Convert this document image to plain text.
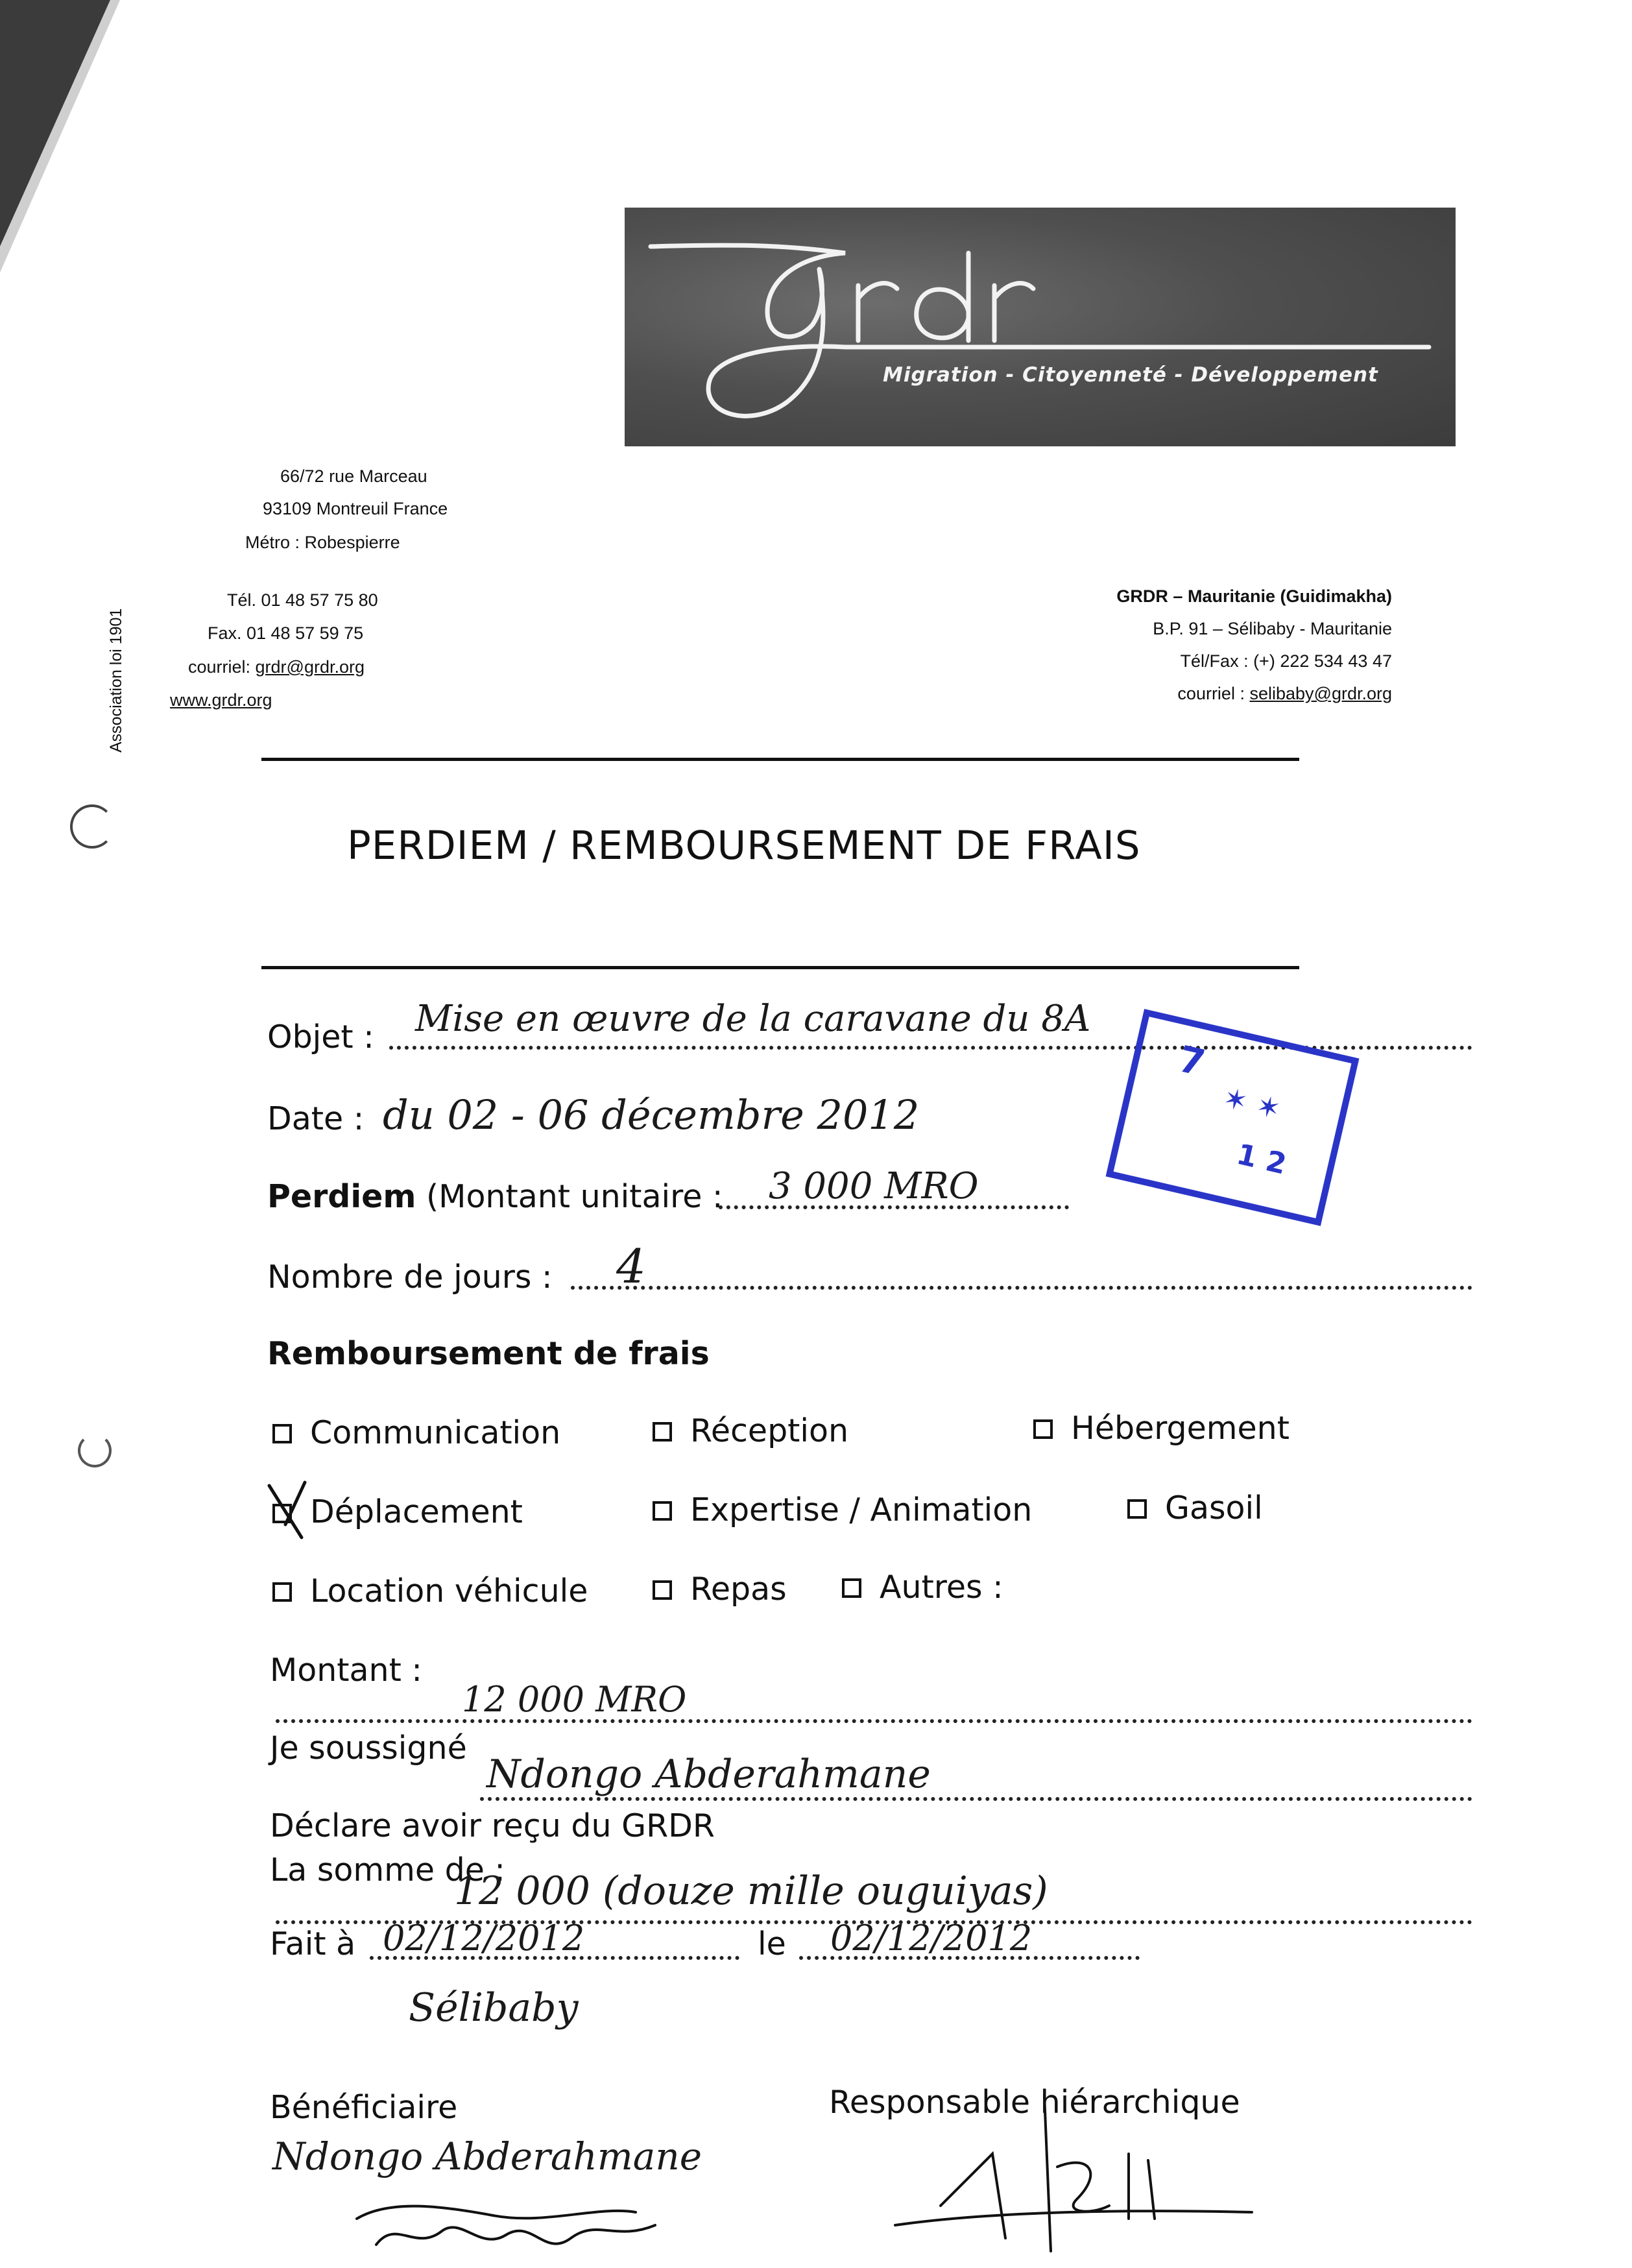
grdr
Migration - Citoyenneté - Développement
66/72 rue Marceau
93109 Montreuil France
Métro : Robespierre
Tél. 01 48 57 75 80
Fax. 01 48 57 59 75
courriel: grdr@grdr.org
www.grdr.org
GRDR – Mauritanie (Guidimakha)
B.P. 91 – Sélibaby - Mauritanie
Tél/Fax : (+) 222 534 43 47
courriel : selibaby@grdr.org
Association loi 1901
PERDIEM / REMBOURSEMENT DE FRAIS
Objet : Mise en œuvre de la caravane du 8A
Date : du 02 - 06 décembre 2012
Perdiem (Montant unitaire : 3 000 MRO
Nombre de jours : 4
7
✶ ✶
1 2
Remboursement de frais
Communication	Réception	Hébergement
Déplacement	Expertise / Animation	Gasoil
Location véhicule	Repas	Autres :
Montant :
12 000 MRO
Je soussigné
Ndongo Abderahmane
Déclare avoir reçu du GRDR
La somme de :
12 000 (douze mille ouguiyas)
Fait à 02/12/2012	le 02/12/2012
Sélibaby
Bénéficiaire	Responsable hiérarchique
Ndongo Abderahmane
